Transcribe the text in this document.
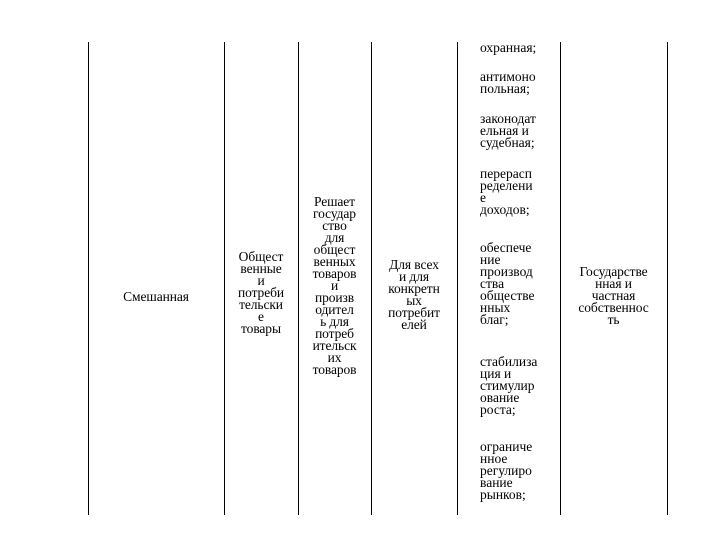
Смешанная
Общест
венные
и
потреби
тельски
е
товары
Решает
государ
ство
для
общест
венных
товаров
и
произв
одител
ь для
потреб
ительск
их
товаров
Для всех
и для
конкретн
ых
потребит
елей
охранная;
антимоно
польная;
законодат
ельная и
судебная;
перерасп
ределени
е
доходов;
обеспече
ние
производ
ства
обществе
нных
благ;
стабилиза
ция и
стимулир
ование
роста;
ограниче
нное
регулиро
вание
рынков;
Государстве
нная и
частная
собственнос
ть
